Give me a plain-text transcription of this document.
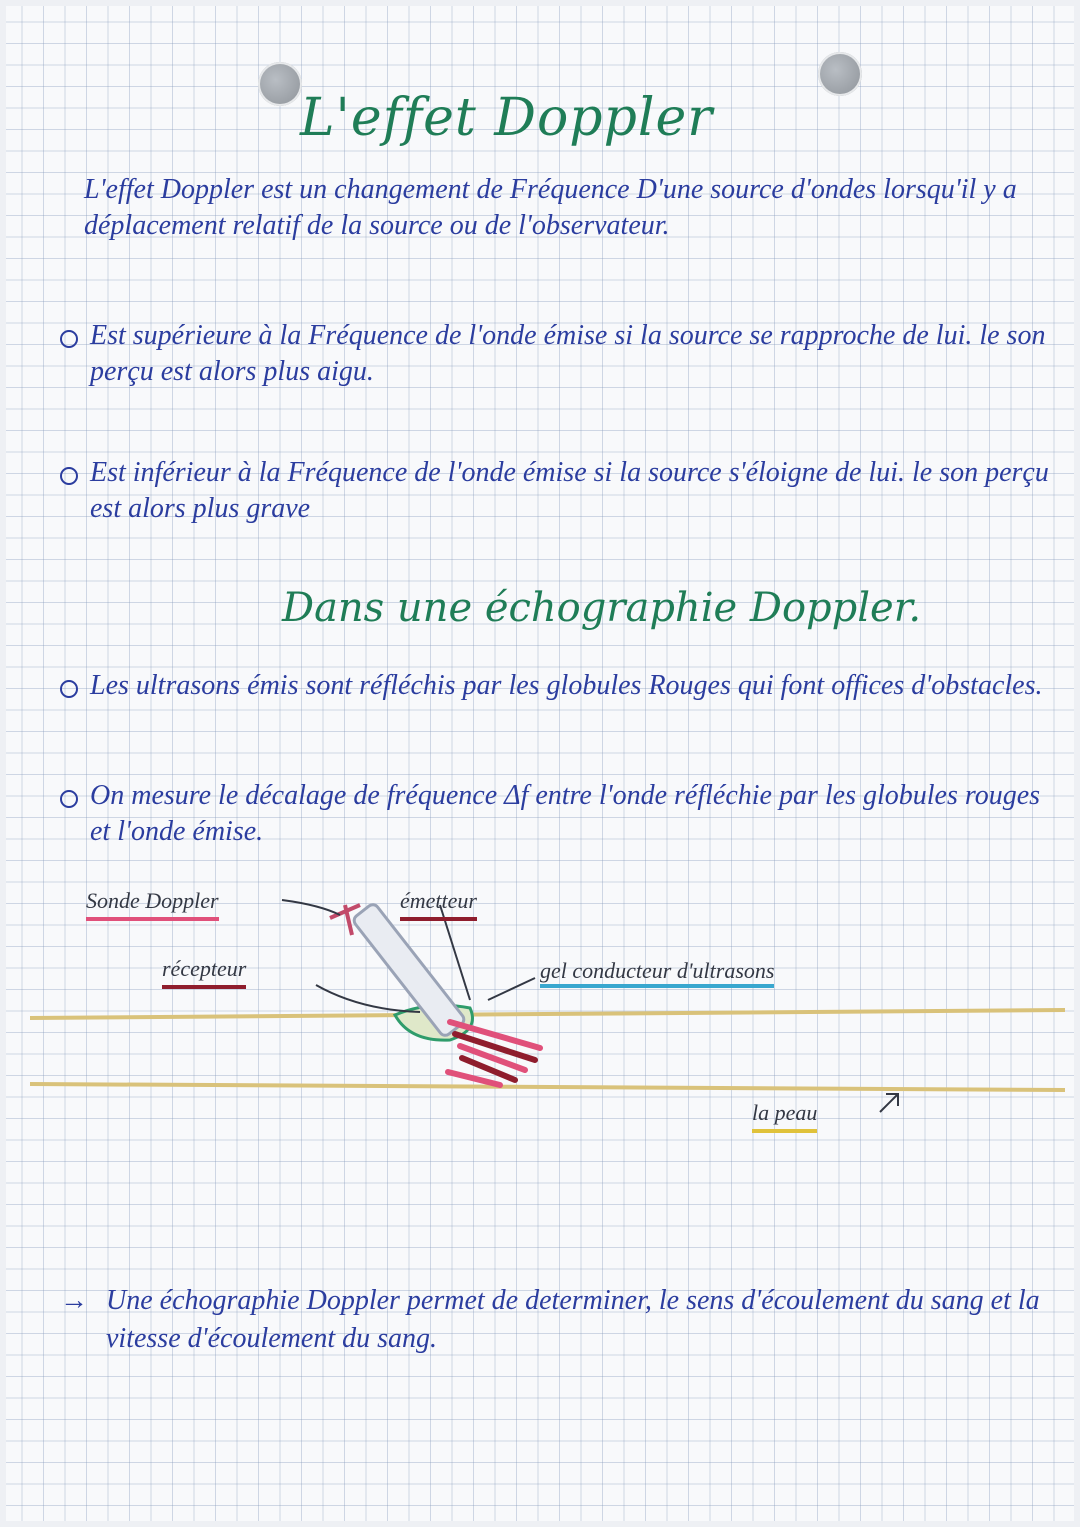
L'effet Doppler
L'effet Doppler est un changement de Fréquence D'une source d'ondes lorsqu'il y a déplacement relatif de la source ou de l'observateur.
Est supérieure à la Fréquence de l'onde émise si la source se rapproche de lui. le son perçu est alors plus aigu.
Est inférieur à la Fréquence de l'onde émise si la source s'éloigne de lui. le son perçu est alors plus grave
Dans une échographie Doppler.
Les ultrasons émis sont réfléchis par les globules Rouges qui font offices d'obstacles.
On mesure le décalage de fréquence Δf entre l'onde réfléchie par les globules rouges et l'onde émise.
Sonde Doppler	émetteur
récepteur	gel conducteur d'ultrasons
la peau
→ Une échographie Doppler permet de determiner, le sens d'écoulement du sang et la vitesse d'écoulement du sang.
